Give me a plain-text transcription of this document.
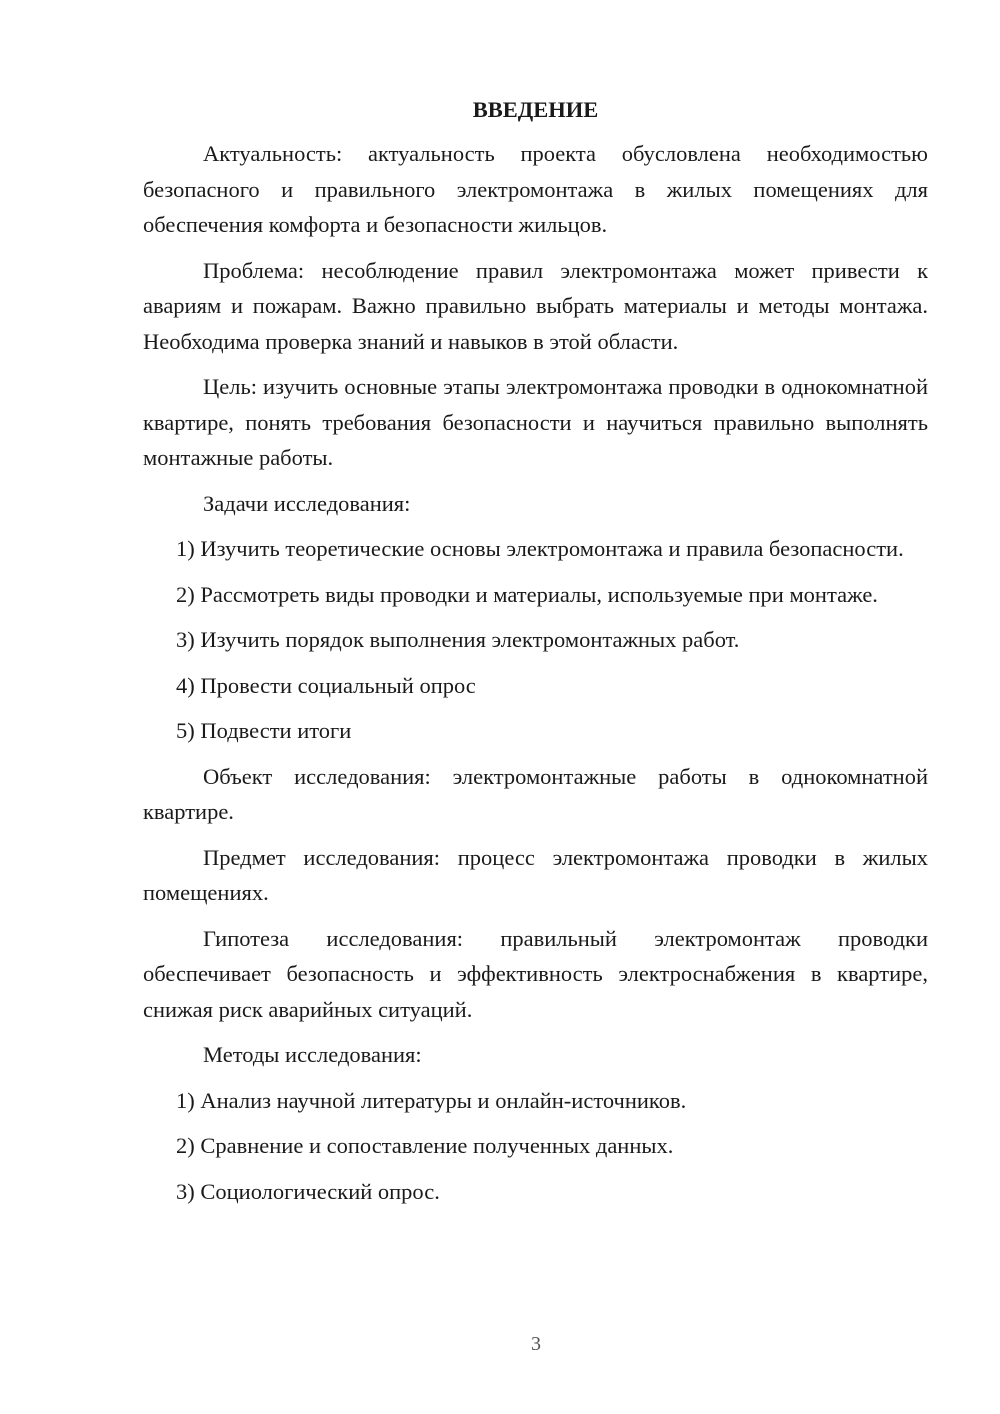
ВВЕДЕНИЕ

Актуальность: актуальность проекта обусловлена необходимостью безопасного и правильного электромонтажа в жилых помещениях для обеспечения комфорта и безопасности жильцов.

Проблема: несоблюдение правил электромонтажа может привести к авариям и пожарам. Важно правильно выбрать материалы и методы монтажа. Необходима проверка знаний и навыков в этой области.

Цель: изучить основные этапы электромонтажа проводки в однокомнатной квартире, понять требования безопасности и научиться правильно выполнять монтажные работы.

Задачи исследования:

1) Изучить теоретические основы электромонтажа и правила безопасности.

2) Рассмотреть виды проводки и материалы, используемые при монтаже.

3) Изучить порядок выполнения электромонтажных работ.

4) Провести социальный опрос

5) Подвести итоги

Объект исследования: электромонтажные работы в однокомнатной квартире.

Предмет исследования: процесс электромонтажа проводки в жилых помещениях.

Гипотеза исследования: правильный электромонтаж проводки обеспечивает безопасность и эффективность электроснабжения в квартире, снижая риск аварийных ситуаций.

Методы исследования:

1) Анализ научной литературы и онлайн-источников.

2) Сравнение и сопоставление полученных данных.

3) Социологический опрос.

3
